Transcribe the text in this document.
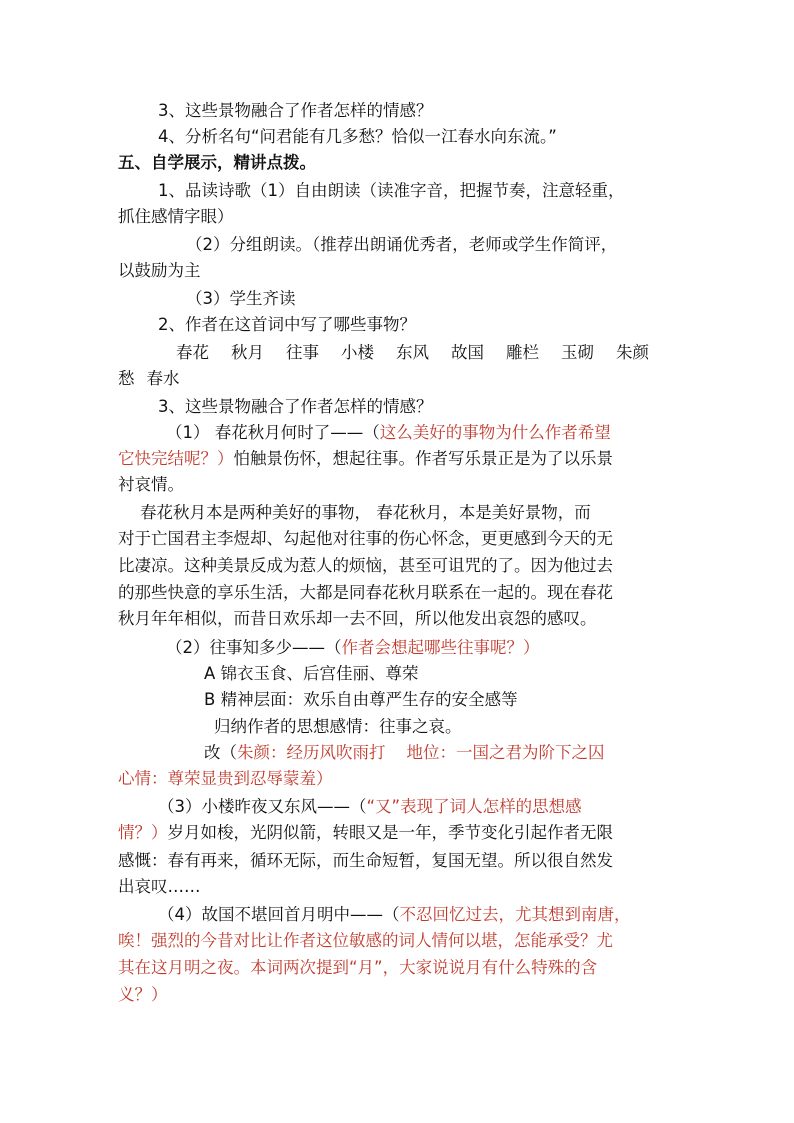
3、这些景物融合了作者怎样的情感？
4、分析名句“问君能有几多愁？恰似一江春水向东流。”
五、自学展示，精讲点拨。
1、品读诗歌（1）自由朗读（读准字音，把握节奏，注意轻重，
抓住感情字眼）
（2）分组朗读。（推荐出朗诵优秀者，老师或学生作简评，
以鼓励为主
（3）学生齐读
2、作者在这首词中写了哪些事物？
春花 秋月 往事 小楼 东风 故国 雕栏 玉砌 朱颜
愁 春水
3、这些景物融合了作者怎样的情感？
（1） 春花秋月何时了——（这么美好的事物为什么作者希望
它快完结呢？）怕触景伤怀，想起往事。作者写乐景正是为了以乐景
衬哀情。
春花秋月本是两种美好的事物， 春花秋月，本是美好景物，而
对于亡国君主李煜却、勾起他对往事的伤心怀念，更更感到今天的无
比凄凉。这种美景反成为惹人的烦恼，甚至可诅咒的了。因为他过去
的那些快意的享乐生活，大都是同春花秋月联系在一起的。现在春花
秋月年年相似，而昔日欢乐却一去不回，所以他发出哀怨的感叹。
（2）往事知多少——（作者会想起哪些往事呢？）
A 锦衣玉食、后宫佳丽、尊荣
B 精神层面：欢乐自由尊严生存的安全感等
归纳作者的思想感情：往事之哀。
改（朱颜：经历风吹雨打    地位：一国之君为阶下之囚
心情：尊荣显贵到忍辱蒙羞）
（3）小楼昨夜又东风——（“又”表现了词人怎样的思想感
情？）岁月如梭，光阴似箭，转眼又是一年，季节变化引起作者无限
感慨：春有再来，循环无际，而生命短暂，复国无望。所以很自然发
出哀叹……
（4）故国不堪回首月明中——（不忍回忆过去，尤其想到南唐，
唉！强烈的今昔对比让作者这位敏感的词人情何以堪，怎能承受？尤
其在这月明之夜。本词两次提到“月”，大家说说月有什么特殊的含
义？）
